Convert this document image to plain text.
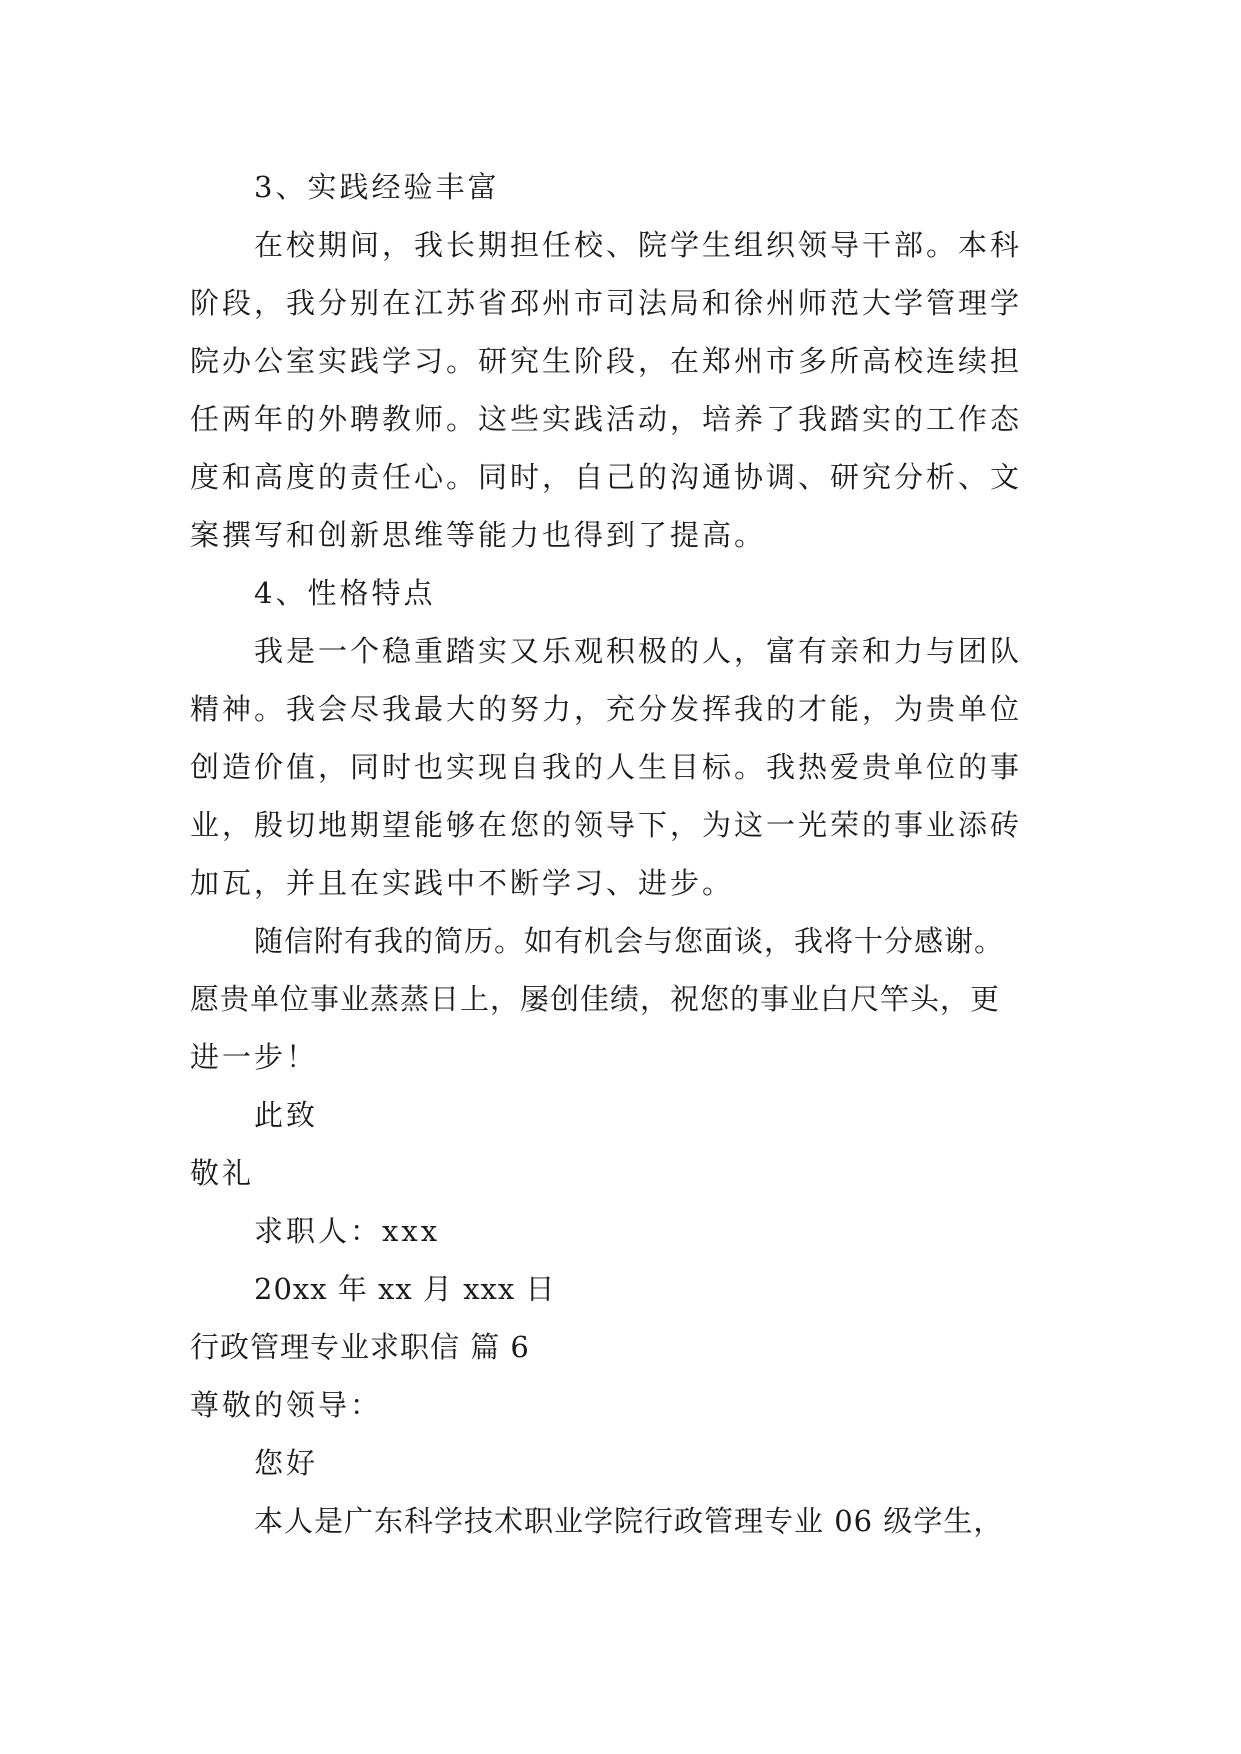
3、实践经验丰富
在校期间，我长期担任校、院学生组织领导干部。本科
阶段，我分别在江苏省邳州市司法局和徐州师范大学管理学
院办公室实践学习。研究生阶段，在郑州市多所高校连续担
任两年的外聘教师。这些实践活动，培养了我踏实的工作态
度和高度的责任心。同时，自己的沟通协调、研究分析、文
案撰写和创新思维等能力也得到了提高。
4、性格特点
我是一个稳重踏实又乐观积极的人，富有亲和力与团队
精神。我会尽我最大的努力，充分发挥我的才能，为贵单位
创造价值，同时也实现自我的人生目标。我热爱贵单位的事
业，殷切地期望能够在您的领导下，为这一光荣的事业添砖
加瓦，并且在实践中不断学习、进步。
随信附有我的简历。如有机会与您面谈，我将十分感谢。
愿贵单位事业蒸蒸日上，屡创佳绩，祝您的事业白尺竿头，更
进一步！
此致
敬礼
求职人：xxx
20xx 年 xx 月 xxx 日
行政管理专业求职信 篇 6
尊敬的领导：
您好
本人是广东科学技术职业学院行政管理专业 06 级学生，
